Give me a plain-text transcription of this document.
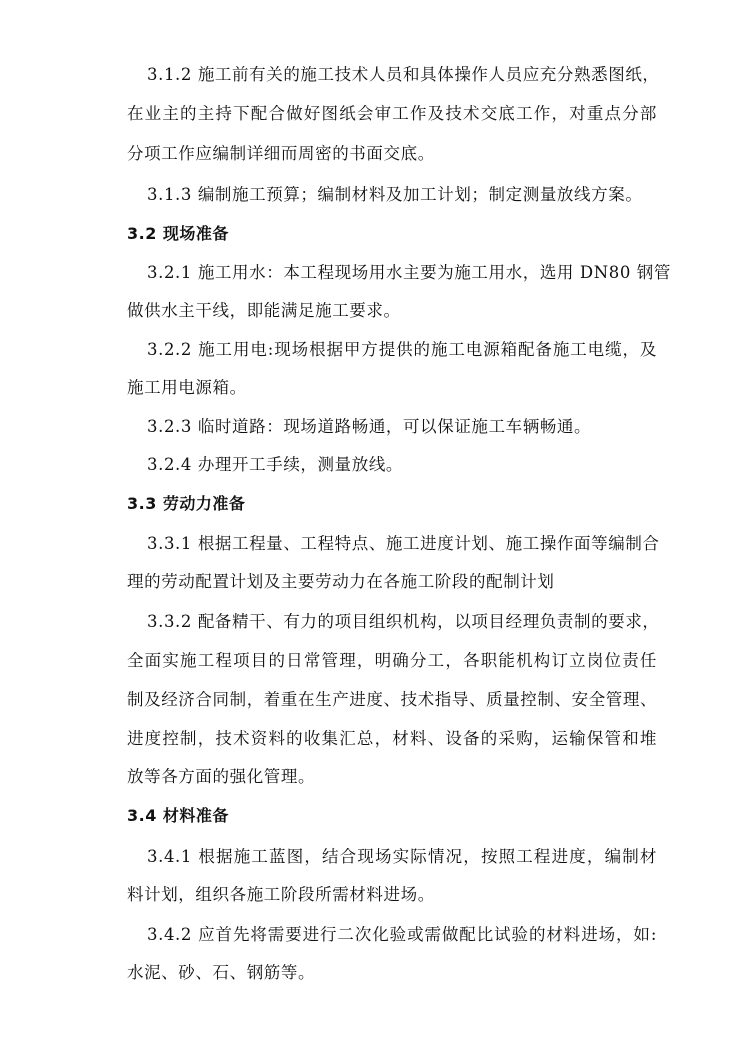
3.1.2 施工前有关的施工技术人员和具体操作人员应充分熟悉图纸，
在业主的主持下配合做好图纸会审工作及技术交底工作，对重点分部
分项工作应编制详细而周密的书面交底。
3.1.3 编制施工预算；编制材料及加工计划；制定测量放线方案。
3.2 现场准备
3.2.1 施工用水：本工程现场用水主要为施工用水，选用 DN80 钢管
做供水主干线，即能满足施工要求。
3.2.2 施工用电:现场根据甲方提供的施工电源箱配备施工电缆，及
施工用电源箱。
3.2.3 临时道路：现场道路畅通，可以保证施工车辆畅通。
3.2.4 办理开工手续，测量放线。
3.3 劳动力准备
3.3.1 根据工程量、工程特点、施工进度计划、施工操作面等编制合
理的劳动配置计划及主要劳动力在各施工阶段的配制计划
3.3.2 配备精干、有力的项目组织机构，以项目经理负责制的要求，
全面实施工程项目的日常管理，明确分工，各职能机构订立岗位责任
制及经济合同制，着重在生产进度、技术指导、质量控制、安全管理、
进度控制，技术资料的收集汇总，材料、设备的采购，运输保管和堆
放等各方面的强化管理。
3.4 材料准备
3.4.1 根据施工蓝图，结合现场实际情况，按照工程进度，编制材
料计划，组织各施工阶段所需材料进场。
3.4.2 应首先将需要进行二次化验或需做配比试验的材料进场，如:
水泥、砂、石、钢筋等。
